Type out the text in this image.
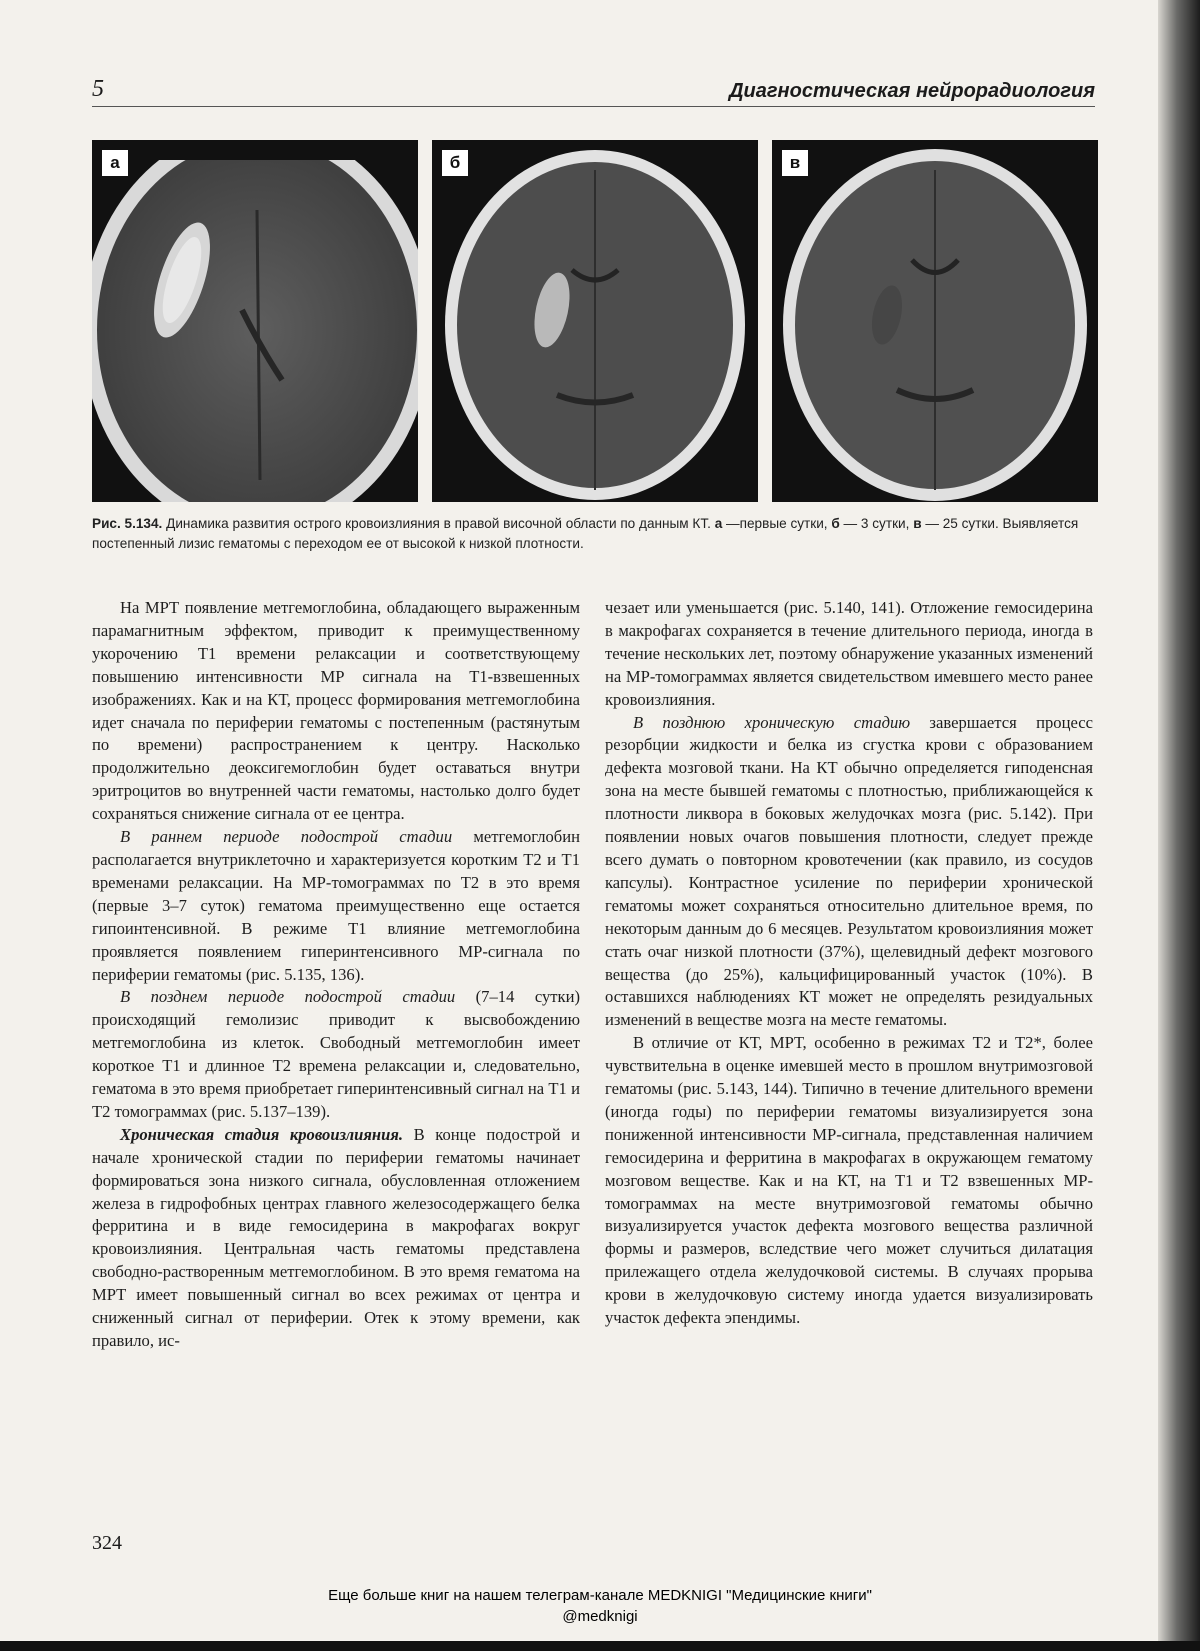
5	Диагностическая нейрорадиология
а	б	в
Рис. 5.134. Динамика развития острого кровоизлияния в правой височной области по данным КТ. а —первые сутки, б — 3 сутки, в — 25 сутки. Выявляется постепенный лизис гематомы с переходом ее от высокой к низкой плотности.

На МРТ появление метгемоглобина, обладающего выраженным парамагнитным эффектом, приводит к преимущественному укорочению Т1 времени релаксации и соответствующему повышению интенсивности МР сигнала на Т1-взвешенных изображениях. Как и на КТ, процесс формирования метгемоглобина идет сначала по периферии гематомы с постепенным (растянутым по времени) распространением к центру. Насколько продолжительно деоксигемоглобин будет оставаться внутри эритроцитов во внутренней части гематомы, настолько долго будет сохраняться снижение сигнала от ее центра.

В раннем периоде подострой стадии метгемоглобин располагается внутриклеточно и характеризуется коротким Т2 и Т1 временами релаксации. На МР-томограммах по Т2 в это время (первые 3–7 суток) гематома преимущественно еще остается гипоинтенсивной. В режиме Т1 влияние метгемоглобина проявляется появлением гиперинтенсивного МР-сигнала по периферии гематомы (рис. 5.135, 136).

В позднем периоде подострой стадии (7–14 сутки) происходящий гемолизис приводит к высвобождению метгемоглобина из клеток. Свободный метгемоглобин имеет короткое Т1 и длинное Т2 времена релаксации и, следовательно, гематома в это время приобретает гиперинтенсивный сигнал на Т1 и Т2 томограммах (рис. 5.137–139).

Хроническая стадия кровоизлияния. В конце подострой и начале хронической стадии по периферии гематомы начинает формироваться зона низкого сигнала, обусловленная отложением железа в гидрофобных центрах главного железосодержащего белка ферритина и в виде гемосидерина в макрофагах вокруг кровоизлияния. Центральная часть гематомы представлена свободно-растворенным метгемоглобином. В это время гематома на МРТ имеет повышенный сигнал во всех режимах от центра и сниженный сигнал от периферии. Отек к этому времени, как правило, ис-

чезает или уменьшается (рис. 5.140, 141). Отложение гемосидерина в макрофагах сохраняется в течение длительного периода, иногда в течение нескольких лет, поэтому обнаружение указанных изменений на МР-томограммах является свидетельством имевшего место ранее кровоизлияния.

В позднюю хроническую стадию завершается процесс резорбции жидкости и белка из сгустка крови с образованием дефекта мозговой ткани. На КТ обычно определяется гиподенсная зона на месте бывшей гематомы с плотностью, приближающейся к плотности ликвора в боковых желудочках мозга (рис. 5.142). При появлении новых очагов повышения плотности, следует прежде всего думать о повторном кровотечении (как правило, из сосудов капсулы). Контрастное усиление по периферии хронической гематомы может сохраняться относительно длительное время, по некоторым данным до 6 месяцев. Результатом кровоизлияния может стать очаг низкой плотности (37%), щелевидный дефект мозгового вещества (до 25%), кальцифицированный участок (10%). В оставшихся наблюдениях КТ может не определять резидуальных изменений в веществе мозга на месте гематомы.

В отличие от КТ, МРТ, особенно в режимах Т2 и Т2*, более чувствительна в оценке имевшей место в прошлом внутримозговой гематомы (рис. 5.143, 144). Типично в течение длительного времени (иногда годы) по периферии гематомы визуализируется зона пониженной интенсивности МР-сигнала, представленная наличием гемосидерина и ферритина в макрофагах в окружающем гематому мозговом веществе. Как и на КТ, на Т1 и Т2 взвешенных МР-томограммах на месте внутримозговой гематомы обычно визуализируется участок дефекта мозгового вещества различной формы и размеров, вследствие чего может случиться дилатация прилежащего отдела желудочковой системы. В случаях прорыва крови в желудочковую систему иногда удается визуализировать участок дефекта эпендимы.

324
Еще больше книг на нашем телеграм-канале MEDKNIGI "Медицинские книги"
@medknigi
